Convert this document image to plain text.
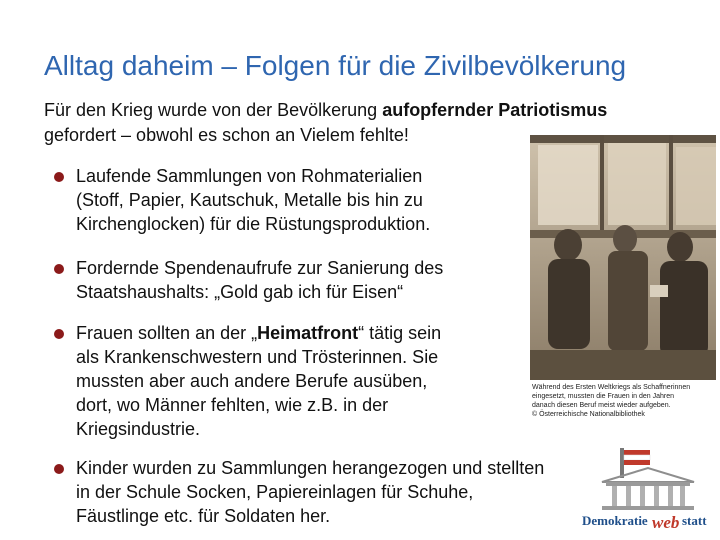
Alltag daheim – Folgen für die Zivilbevölkerung
Für den Krieg wurde von der Bevölkerung aufopfernder Patriotismus gefordert – obwohl es schon an Vielem fehlte!
Laufende Sammlungen von Rohmaterialien
(Stoff, Papier, Kautschuk, Metalle bis hin zu
Kirchenglocken) für die Rüstungsproduktion.
Fordernde Spendenaufrufe zur Sanierung des
Staatshaushalts: „Gold gab ich für Eisen“
Frauen sollten an der „Heimatfront“ tätig sein
als Krankenschwestern und Trösterinnen. Sie
mussten aber auch andere Berufe ausüben,
dort, wo Männer fehlten, wie z.B. in der
Kriegsindustrie.
Kinder wurden zu Sammlungen herangezogen und stellten
in der Schule Socken, Papiereinlagen für Schuhe,
Fäustlinge etc. für Soldaten her.
Während des Ersten Weltkriegs als Schaffnerinnen
eingesetzt, mussten die Frauen in den Jahren
danach diesen Beruf meist wieder aufgeben.
© Österreichische Nationalbibliothek
Demokratie web statt
